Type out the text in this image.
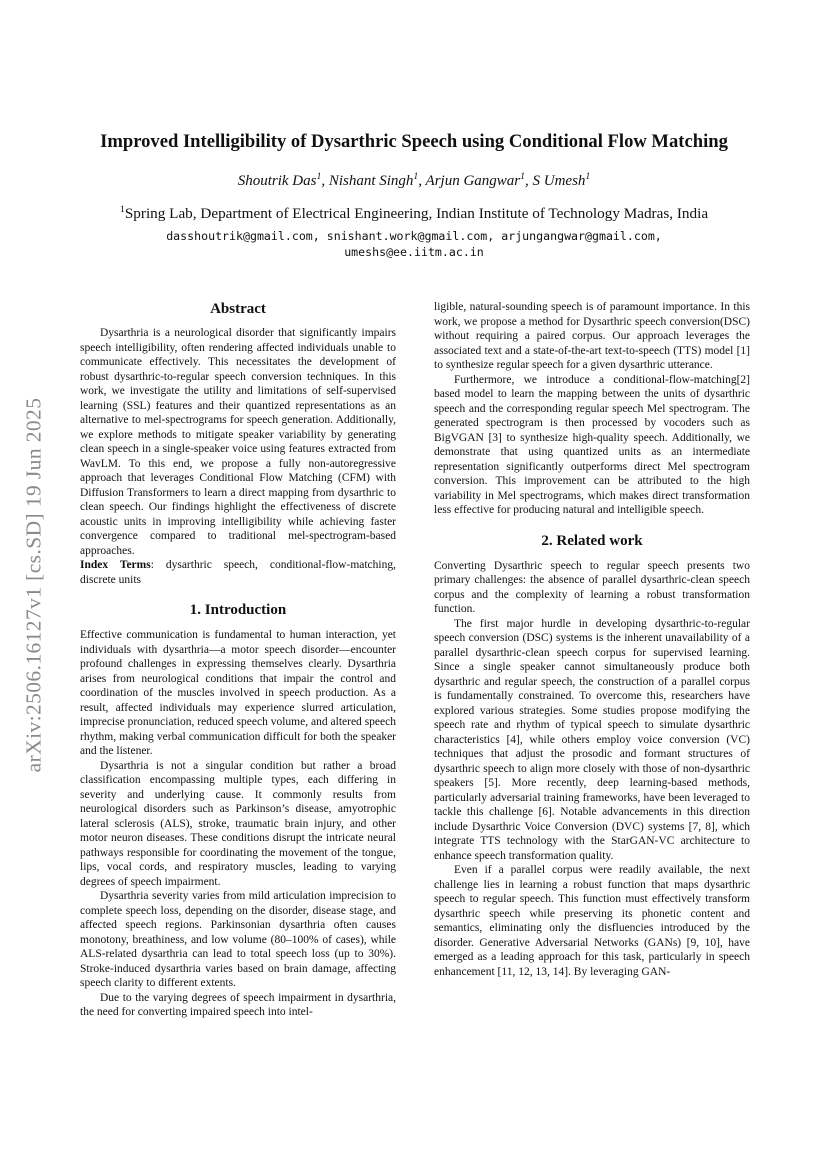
arXiv:2506.16127v1 [cs.SD] 19 Jun 2025
Improved Intelligibility of Dysarthric Speech using Conditional Flow Matching
Shoutrik Das$^1$, Nishant Singh$^1$, Arjun Gangwar$^1$, S Umesh$^1$
$^1$Spring Lab, Department of Electrical Engineering, Indian Institute of Technology Madras, India
dasshoutrik@gmail.com, snishant.work@gmail.com, arjungangwar@gmail.com,
umeshs@ee.iitm.ac.in
Abstract

Dysarthria is a neurological disorder that significantly impairs speech intelligibility, often rendering affected individuals unable to communicate effectively. This necessitates the development of robust dysarthric-to-regular speech conversion techniques. In this work, we investigate the utility and limitations of self-supervised learning (SSL) features and their quantized representations as an alternative to mel-spectrograms for speech generation. Additionally, we explore methods to mitigate speaker variability by generating clean speech in a single-speaker voice using features extracted from WavLM. To this end, we propose a fully non-autoregressive approach that leverages Conditional Flow Matching (CFM) with Diffusion Transformers to learn a direct mapping from dysarthric to clean speech. Our findings highlight the effectiveness of discrete acoustic units in improving intelligibility while achieving faster convergence compared to traditional mel-spectrogram-based approaches.

Index Terms: dysarthric speech, conditional-flow-matching, discrete units

1. Introduction

Effective communication is fundamental to human interaction, yet individuals with dysarthria—a motor speech disorder—encounter profound challenges in expressing themselves clearly. Dysarthria arises from neurological conditions that impair the control and coordination of the muscles involved in speech production. As a result, affected individuals may experience slurred articulation, imprecise pronunciation, reduced speech volume, and altered speech rhythm, making verbal communication difficult for both the speaker and the listener.

Dysarthria is not a singular condition but rather a broad classification encompassing multiple types, each differing in severity and underlying cause. It commonly results from neurological disorders such as Parkinson’s disease, amyotrophic lateral sclerosis (ALS), stroke, traumatic brain injury, and other motor neuron diseases. These conditions disrupt the intricate neural pathways responsible for coordinating the movement of the tongue, lips, vocal cords, and respiratory muscles, leading to varying degrees of speech impairment.

Dysarthria severity varies from mild articulation imprecision to complete speech loss, depending on the disorder, disease stage, and affected speech regions. Parkinsonian dysarthria often causes monotony, breathiness, and low volume (80–100% of cases), while ALS-related dysarthria can lead to total speech loss (up to 30%). Stroke-induced dysarthria varies based on brain damage, affecting speech clarity to different extents.

Due to the varying degrees of speech impairment in dysarthria, the need for converting impaired speech into intel-

ligible, natural-sounding speech is of paramount importance. In this work, we propose a method for Dysarthric speech conversion(DSC) without requiring a paired corpus. Our approach leverages the associated text and a state-of-the-art text-to-speech (TTS) model [1] to synthesize regular speech for a given dysarthric utterance.

Furthermore, we introduce a conditional-flow-matching[2] based model to learn the mapping between the units of dysarthric speech and the corresponding regular speech Mel spectrogram. The generated spectrogram is then processed by vocoders such as BigVGAN [3] to synthesize high-quality speech. Additionally, we demonstrate that using quantized units as an intermediate representation significantly outperforms direct Mel spectrogram conversion. This improvement can be attributed to the high variability in Mel spectrograms, which makes direct transformation less effective for producing natural and intelligible speech.

2. Related work

Converting Dysarthric speech to regular speech presents two primary challenges: the absence of parallel dysarthric-clean speech corpus and the complexity of learning a robust transformation function.

The first major hurdle in developing dysarthric-to-regular speech conversion (DSC) systems is the inherent unavailability of a parallel dysarthric-clean speech corpus for supervised learning. Since a single speaker cannot simultaneously produce both dysarthric and regular speech, the construction of a parallel corpus is fundamentally constrained. To overcome this, researchers have explored various strategies. Some studies propose modifying the speech rate and rhythm of typical speech to simulate dysarthric characteristics [4], while others employ voice conversion (VC) techniques that adjust the prosodic and formant structures of dysarthric speech to align more closely with those of non-dysarthric speakers [5]. More recently, deep learning-based methods, particularly adversarial training frameworks, have been leveraged to tackle this challenge [6]. Notable advancements in this direction include Dysarthric Voice Conversion (DVC) systems [7, 8], which integrate TTS technology with the StarGAN-VC architecture to enhance speech transformation quality.

Even if a parallel corpus were readily available, the next challenge lies in learning a robust function that maps dysarthric speech to regular speech. This function must effectively transform dysarthric speech while preserving its phonetic content and semantics, eliminating only the disfluencies introduced by the disorder. Generative Adversarial Networks (GANs) [9, 10], have emerged as a leading approach for this task, particularly in speech enhancement [11, 12, 13, 14]. By leveraging GAN-
